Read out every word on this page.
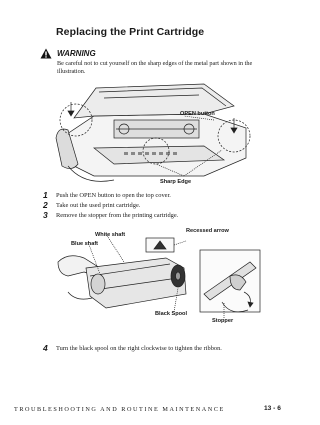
Replacing the Print Cartridge
WARNING
Be careful not to cut yourself on the sharp edges of the metal part shown in the illustration.
OPEN button
Sharp Edge
1 Push the OPEN button to open the top cover.
2 Take out the used print cartridge.
3 Remove the stopper from the printing cartridge.
White shaft
Blue shaft
Recessed arrow
Black Spool
Stopper
4 Turn the black spool on the right clockwise to tighten the ribbon.
TROUBLESHOOTING AND ROUTINE MAINTENANCE	13 - 6
